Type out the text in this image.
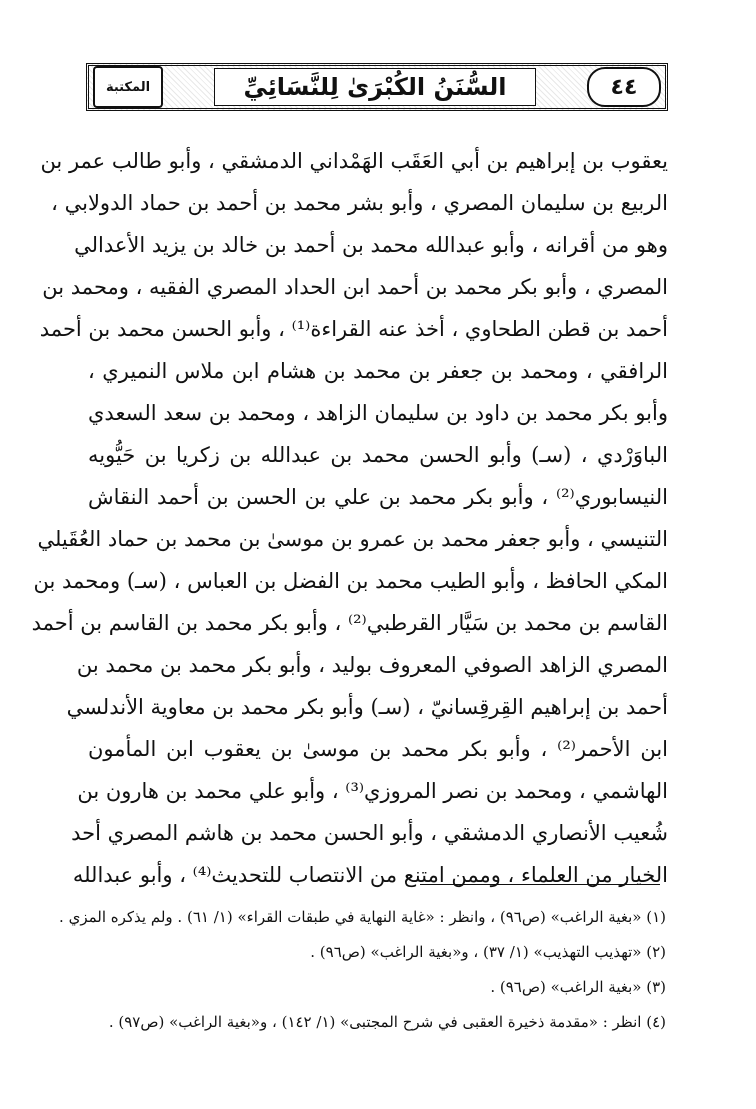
المكتبة	السُّنَنُ الكُبْرَىٰ لِلنَّسَائِيِّ	٤٤
يعقوب بن إبراهيم بن أبي العَقَب الهَمْداني الدمشقي ، وأبو طالب عمر بن
الربيع بن سليمان المصري ، وأبو بشر محمد بن أحمد بن حماد الدولابي ،
وهو من أقرانه ، وأبو عبدالله محمد بن أحمد بن خالد بن يزيد الأعدالي
المصري ، وأبو بكر محمد بن أحمد ابن الحداد المصري الفقيه ، ومحمد بن
أحمد بن قطن الطحاوي ، أخذ عنه القراءة⁽¹⁾ ، وأبو الحسن محمد بن أحمد
الرافقي ، ومحمد بن جعفر بن محمد بن هشام ابن ملاس النميري ،
وأبو بكر محمد بن داود بن سليمان الزاهد ، ومحمد بن سعد السعدي
الباوَرْدي ، (سـ) وأبو الحسن محمد بن عبدالله بن زكريا بن حَيُّويه
النيسابوري⁽²⁾ ، وأبو بكر محمد بن علي بن الحسن بن أحمد النقاش
التنيسي ، وأبو جعفر محمد بن عمرو بن موسىٰ بن محمد بن حماد العُقَيلي
المكي الحافظ ، وأبو الطيب محمد بن الفضل بن العباس ، (سـ) ومحمد بن
القاسم بن محمد بن سَيَّار القرطبي⁽²⁾ ، وأبو بكر محمد بن القاسم بن أحمد
المصري الزاهد الصوفي المعروف بوليد ، وأبو بكر محمد بن محمد بن
أحمد بن إبراهيم القِرقِسانيّ ، (سـ) وأبو بكر محمد بن معاوية الأندلسي
ابن الأحمر⁽²⁾ ، وأبو بكر محمد بن موسىٰ بن يعقوب ابن المأمون
الهاشمي ، ومحمد بن نصر المروزي⁽³⁾ ، وأبو علي محمد بن هارون بن
شُعيب الأنصاري الدمشقي ، وأبو الحسن محمد بن هاشم المصري أحد
الخيار من العلماء ، وممن امتنع من الانتصاب للتحديث⁽⁴⁾ ، وأبو عبدالله
(١) «بغية الراغب» (ص٩٦) ، وانظر : «غاية النهاية في طبقات القراء» (١/ ٦١) . ولم يذكره المزي .
(٢) «تهذيب التهذيب» (١/ ٣٧) ، و«بغية الراغب» (ص٩٦) .
(٣) «بغية الراغب» (ص٩٦) .
(٤) انظر : «مقدمة ذخيرة العقبى في شرح المجتبى» (١/ ١٤٢) ، و«بغية الراغب» (ص٩٧) .
